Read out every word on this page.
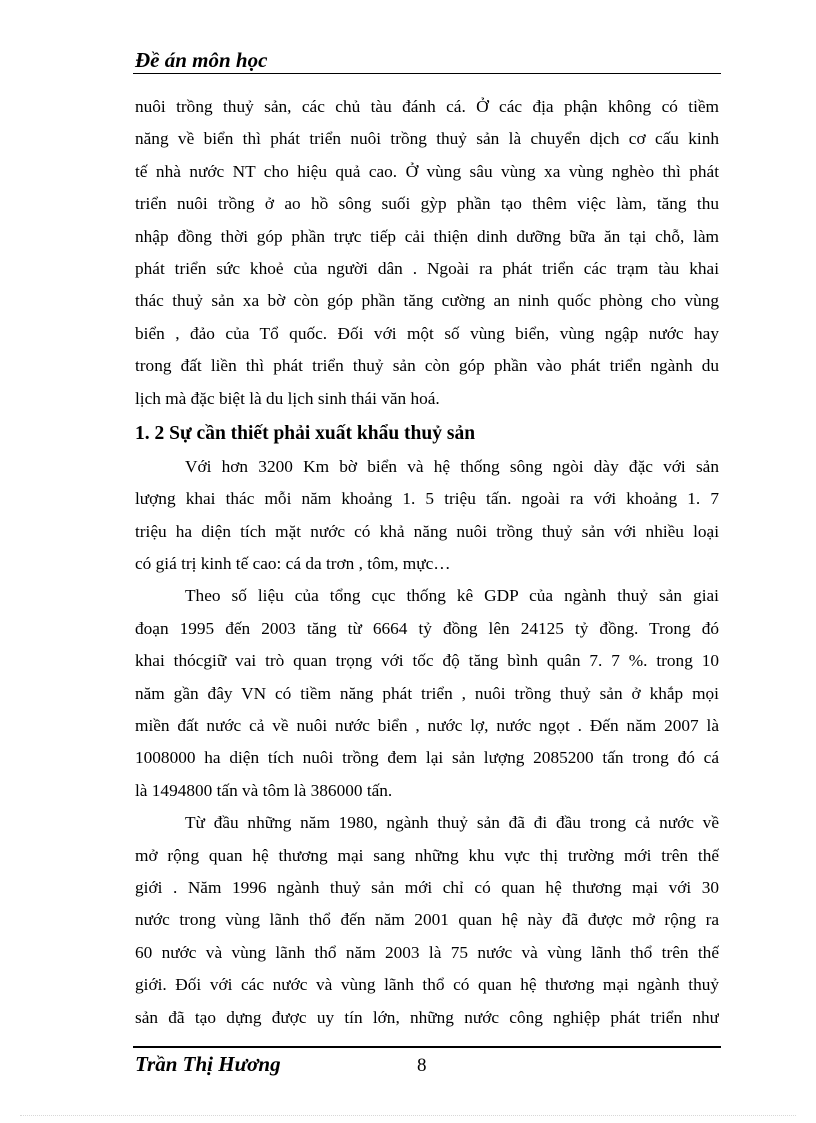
Đề án môn học
nuôi trồng thuỷ sản, các chủ tàu đánh cá. Ở các địa phận không có tiềm
năng về biển thì phát triển nuôi trồng thuỷ sản là chuyển dịch cơ cấu kinh
tế nhà nước NT cho hiệu quả cao. Ở vùng sâu vùng xa vùng nghèo thì phát
triển nuôi trồng ở ao hồ sông suối gỳp phần tạo thêm việc làm, tăng thu
nhập đồng thời góp phần trực tiếp cải thiện dinh dưỡng bữa ăn tại chỗ, làm
phát triển sức khoẻ của người dân . Ngoài ra phát triển các trạm tàu khai
thác thuỷ sản xa bờ còn góp phần tăng cường an ninh quốc phòng cho vùng
biển , đảo của Tổ quốc. Đối với một số vùng biển, vùng ngập nước hay
trong đất liền thì phát triển thuỷ sản còn góp phần vào phát triển ngành du
lịch mà đặc biệt là du lịch sinh thái văn hoá.
1. 2 Sự cần thiết phải xuất khẩu thuỷ sản
Với hơn 3200 Km bờ biển và hệ thống sông ngòi dày đặc với sản
lượng khai thác mỗi năm khoảng 1. 5 triệu tấn. ngoài ra với khoảng 1. 7
triệu ha diện tích mặt nước có khả năng nuôi trồng thuỷ sản với nhiều loại
có giá trị kinh tế cao: cá da trơn , tôm, mực…
Theo số liệu của tổng cục thống kê GDP của ngành thuỷ sản giai
đoạn 1995 đến 2003 tăng từ 6664 tỷ đồng lên 24125 tỷ đồng. Trong đó
khai thócgiữ vai trò quan trọng với tốc độ tăng bình quân 7. 7 %. trong 10
năm gần đây VN có tiềm năng phát triển , nuôi trồng thuỷ sản ở khắp mọi
miền đất nước cả về nuôi nước biển , nước lợ, nước ngọt . Đến năm 2007 là
1008000 ha diện tích nuôi trồng đem lại sản lượng 2085200 tấn trong đó cá
là 1494800 tấn và tôm là 386000 tấn.
Từ đầu những năm 1980, ngành thuỷ sản đã đi đầu trong cả nước về
mở rộng quan hệ thương mại sang những khu vực thị trường mới trên thế
giới . Năm 1996 ngành thuỷ sản mới chỉ có quan hệ thương mại với 30
nước trong vùng lãnh thổ đến năm 2001 quan hệ này đã được mở rộng ra
60 nước và vùng lãnh thổ năm 2003 là 75 nước và vùng lãnh thổ trên thế
giới. Đối với các nước và vùng lãnh thổ có quan hệ thương mại ngành thuỷ
sản đã tạo dựng được uy tín lớn, những nước công nghiệp phát triển như
Trần Thị Hương	8
